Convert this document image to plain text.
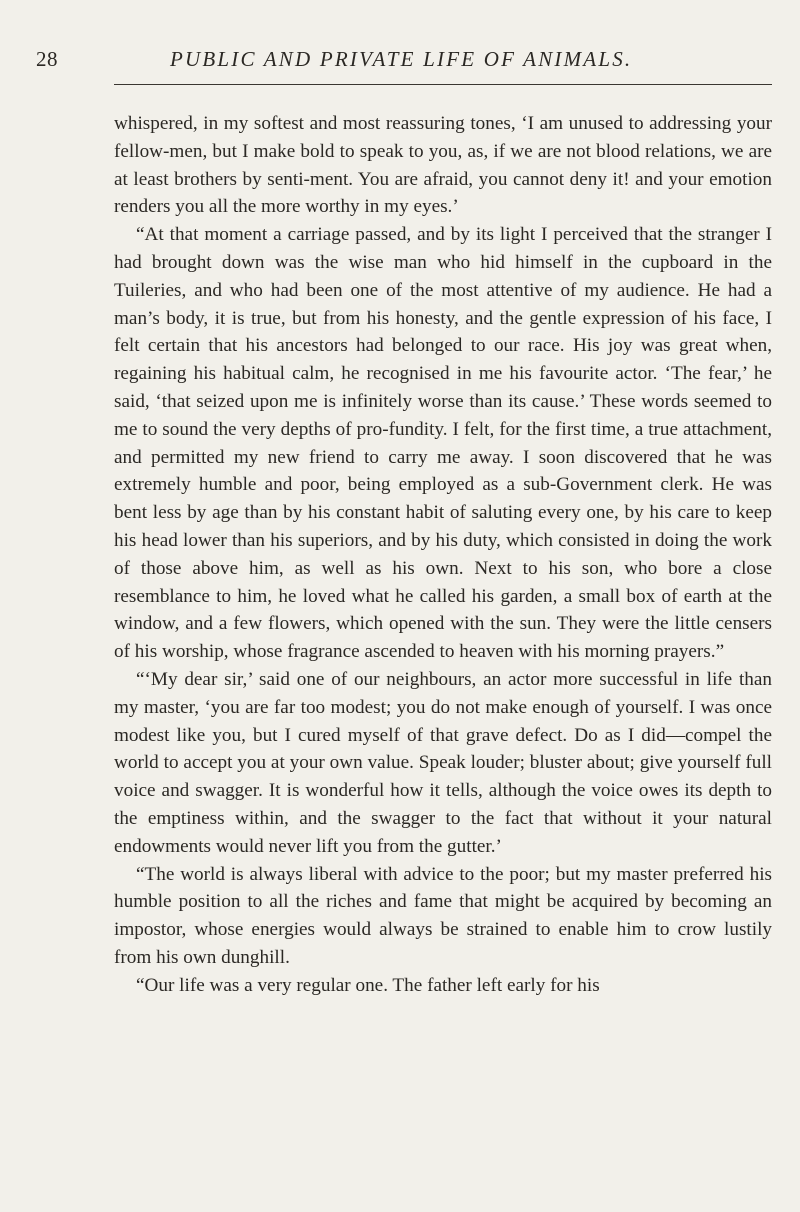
28	PUBLIC AND PRIVATE LIFE OF ANIMALS.

whispered, in my softest and most reassuring tones, ‘I am unused to addressing your fellow-men, but I make bold to speak to you, as, if we are not blood relations, we are at least brothers by senti-ment. You are afraid, you cannot deny it! and your emotion renders you all the more worthy in my eyes.’

“At that moment a carriage passed, and by its light I perceived that the stranger I had brought down was the wise man who hid himself in the cupboard in the Tuileries, and who had been one of the most attentive of my audience. He had a man’s body, it is true, but from his honesty, and the gentle expression of his face, I felt certain that his ancestors had belonged to our race. His joy was great when, regaining his habitual calm, he recognised in me his favourite actor. ‘The fear,’ he said, ‘that seized upon me is infinitely worse than its cause.’ These words seemed to me to sound the very depths of pro-fundity. I felt, for the first time, a true attachment, and permitted my new friend to carry me away. I soon discovered that he was extremely humble and poor, being employed as a sub-Government clerk. He was bent less by age than by his constant habit of saluting every one, by his care to keep his head lower than his superiors, and by his duty, which consisted in doing the work of those above him, as well as his own. Next to his son, who bore a close resemblance to him, he loved what he called his garden, a small box of earth at the window, and a few flowers, which opened with the sun. They were the little censers of his worship, whose fragrance ascended to heaven with his morning prayers.”

“‘My dear sir,’ said one of our neighbours, an actor more successful in life than my master, ‘you are far too modest; you do not make enough of yourself. I was once modest like you, but I cured myself of that grave defect. Do as I did—compel the world to accept you at your own value. Speak louder; bluster about; give yourself full voice and swagger. It is wonderful how it tells, although the voice owes its depth to the emptiness within, and the swagger to the fact that without it your natural endowments would never lift you from the gutter.’

“The world is always liberal with advice to the poor; but my master preferred his humble position to all the riches and fame that might be acquired by becoming an impostor, whose energies would always be strained to enable him to crow lustily from his own dunghill.

“Our life was a very regular one. The father left early for his
